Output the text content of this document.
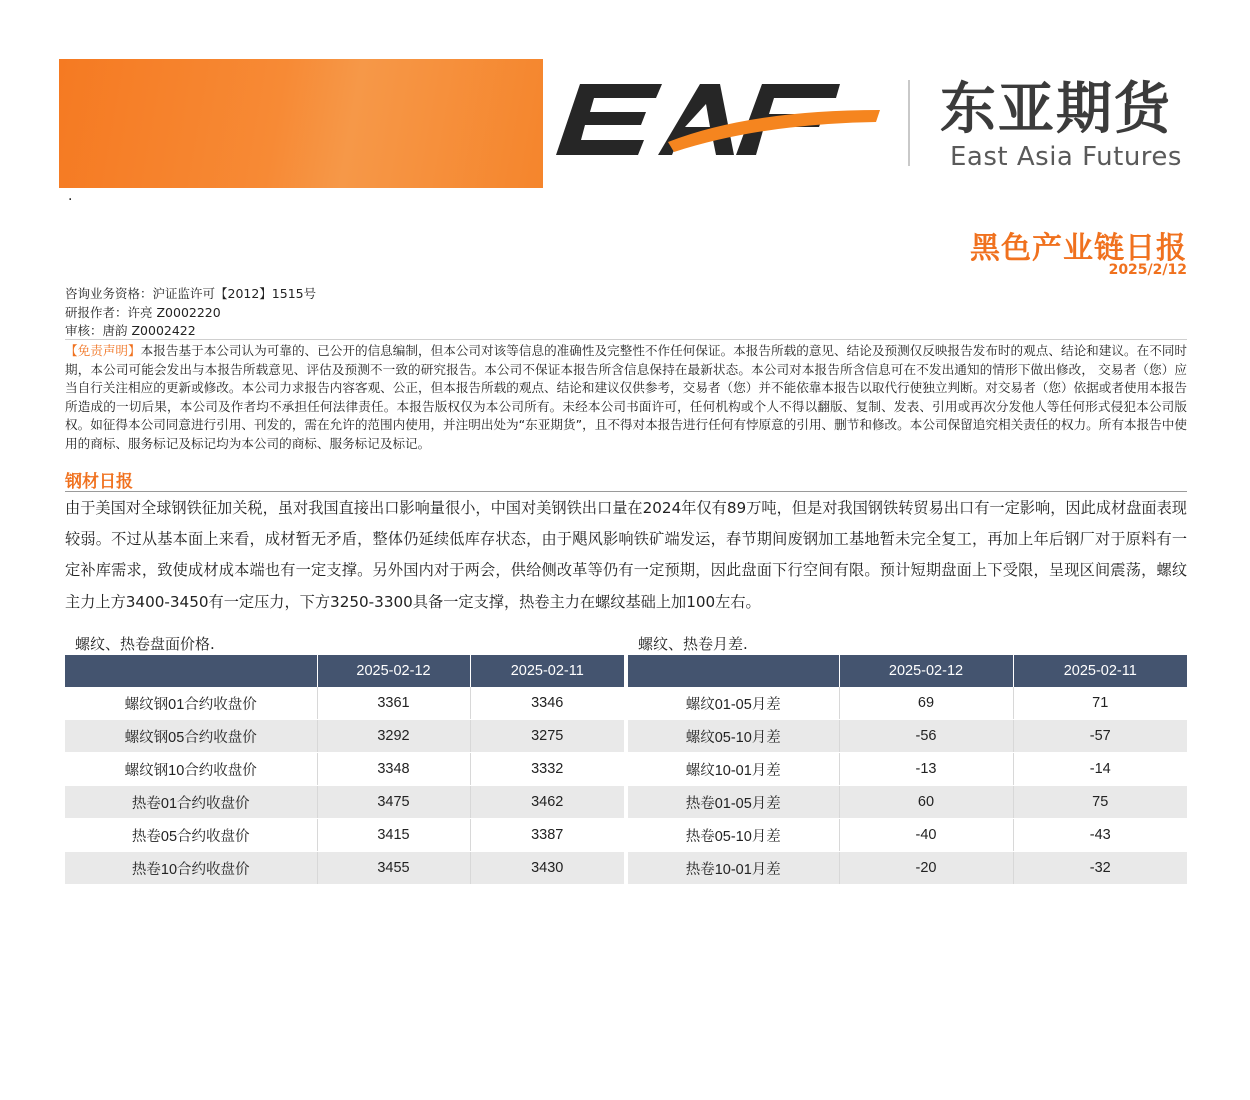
东亚期货
East Asia Futures
.
黑色产业链日报
2025/2/12
咨询业务资格：沪证监许可【2012】1515号
研报作者：许亮 Z0002220
审核：唐韵 Z0002422
【免责声明】本报告基于本公司认为可靠的、已公开的信息编制，但本公司对该等信息的准确性及完整性不作任何保证。本报告所载的意见、结论及预测仅反映报告发布时的观点、结论和建议。在不同时期，本公司可能会发出与本报告所载意见、评估及预测不一致的研究报告。本公司不保证本报告所含信息保持在最新状态。本公司对本报告所含信息可在不发出通知的情形下做出修改， 交易者（您）应当自行关注相应的更新或修改。本公司力求报告内容客观、公正，但本报告所载的观点、结论和建议仅供参考，交易者（您）并不能依靠本报告以取代行使独立判断。对交易者（您）依据或者使用本报告所造成的一切后果，本公司及作者均不承担任何法律责任。本报告版权仅为本公司所有。未经本公司书面许可，任何机构或个人不得以翻版、复制、发表、引用或再次分发他人等任何形式侵犯本公司版权。如征得本公司同意进行引用、刊发的，需在允许的范围内使用，并注明出处为“东亚期货”，且不得对本报告进行任何有悖原意的引用、删节和修改。本公司保留追究相关责任的权力。所有本报告中使用的商标、服务标记及标记均为本公司的商标、服务标记及标记。
钢材日报
由于美国对全球钢铁征加关税，虽对我国直接出口影响量很小，中国对美钢铁出口量在2024年仅有89万吨，但是对我国钢铁转贸易出口有一定影响，因此成材盘面表现较弱。不过从基本面上来看，成材暂无矛盾，整体仍延续低库存状态，由于飓风影响铁矿端发运，春节期间废钢加工基地暂未完全复工，再加上年后钢厂对于原料有一定补库需求，致使成材成本端也有一定支撑。另外国内对于两会，供给侧改革等仍有一定预期，因此盘面下行空间有限。预计短期盘面上下受限，呈现区间震荡，螺纹主力上方3400-3450有一定压力，下方3250-3300具备一定支撑，热卷主力在螺纹基础上加100左右。
螺纹、热卷盘面价格.	螺纹、热卷月差.
	2025-02-12	2025-02-11
螺纹钢01合约收盘价	3361	3346
螺纹钢05合约收盘价	3292	3275
螺纹钢10合约收盘价	3348	3332
热卷01合约收盘价	3475	3462
热卷05合约收盘价	3415	3387
热卷10合约收盘价	3455	3430
	2025-02-12	2025-02-11
螺纹01-05月差	69	71
螺纹05-10月差	-56	-57
螺纹10-01月差	-13	-14
热卷01-05月差	60	75
热卷05-10月差	-40	-43
热卷10-01月差	-20	-32
